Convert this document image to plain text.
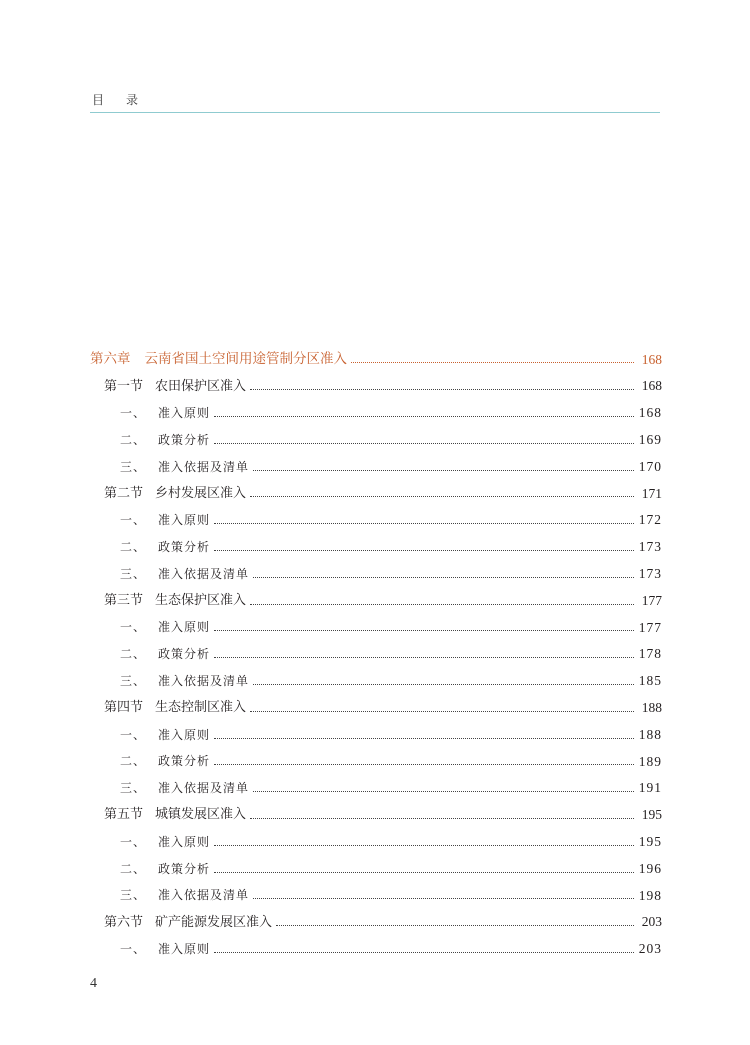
目录
第六章 云南省国土空间用途管制分区准入	168
第一节 农田保护区准入	168
一、 准入原则	168
二、 政策分析	169
三、 准入依据及清单	170
第二节 乡村发展区准入	171
一、 准入原则	172
二、 政策分析	173
三、 准入依据及清单	173
第三节 生态保护区准入	177
一、 准入原则	177
二、 政策分析	178
三、 准入依据及清单	185
第四节 生态控制区准入	188
一、 准入原则	188
二、 政策分析	189
三、 准入依据及清单	191
第五节 城镇发展区准入	195
一、 准入原则	195
二、 政策分析	196
三、 准入依据及清单	198
第六节 矿产能源发展区准入	203
一、 准入原则	203
4
